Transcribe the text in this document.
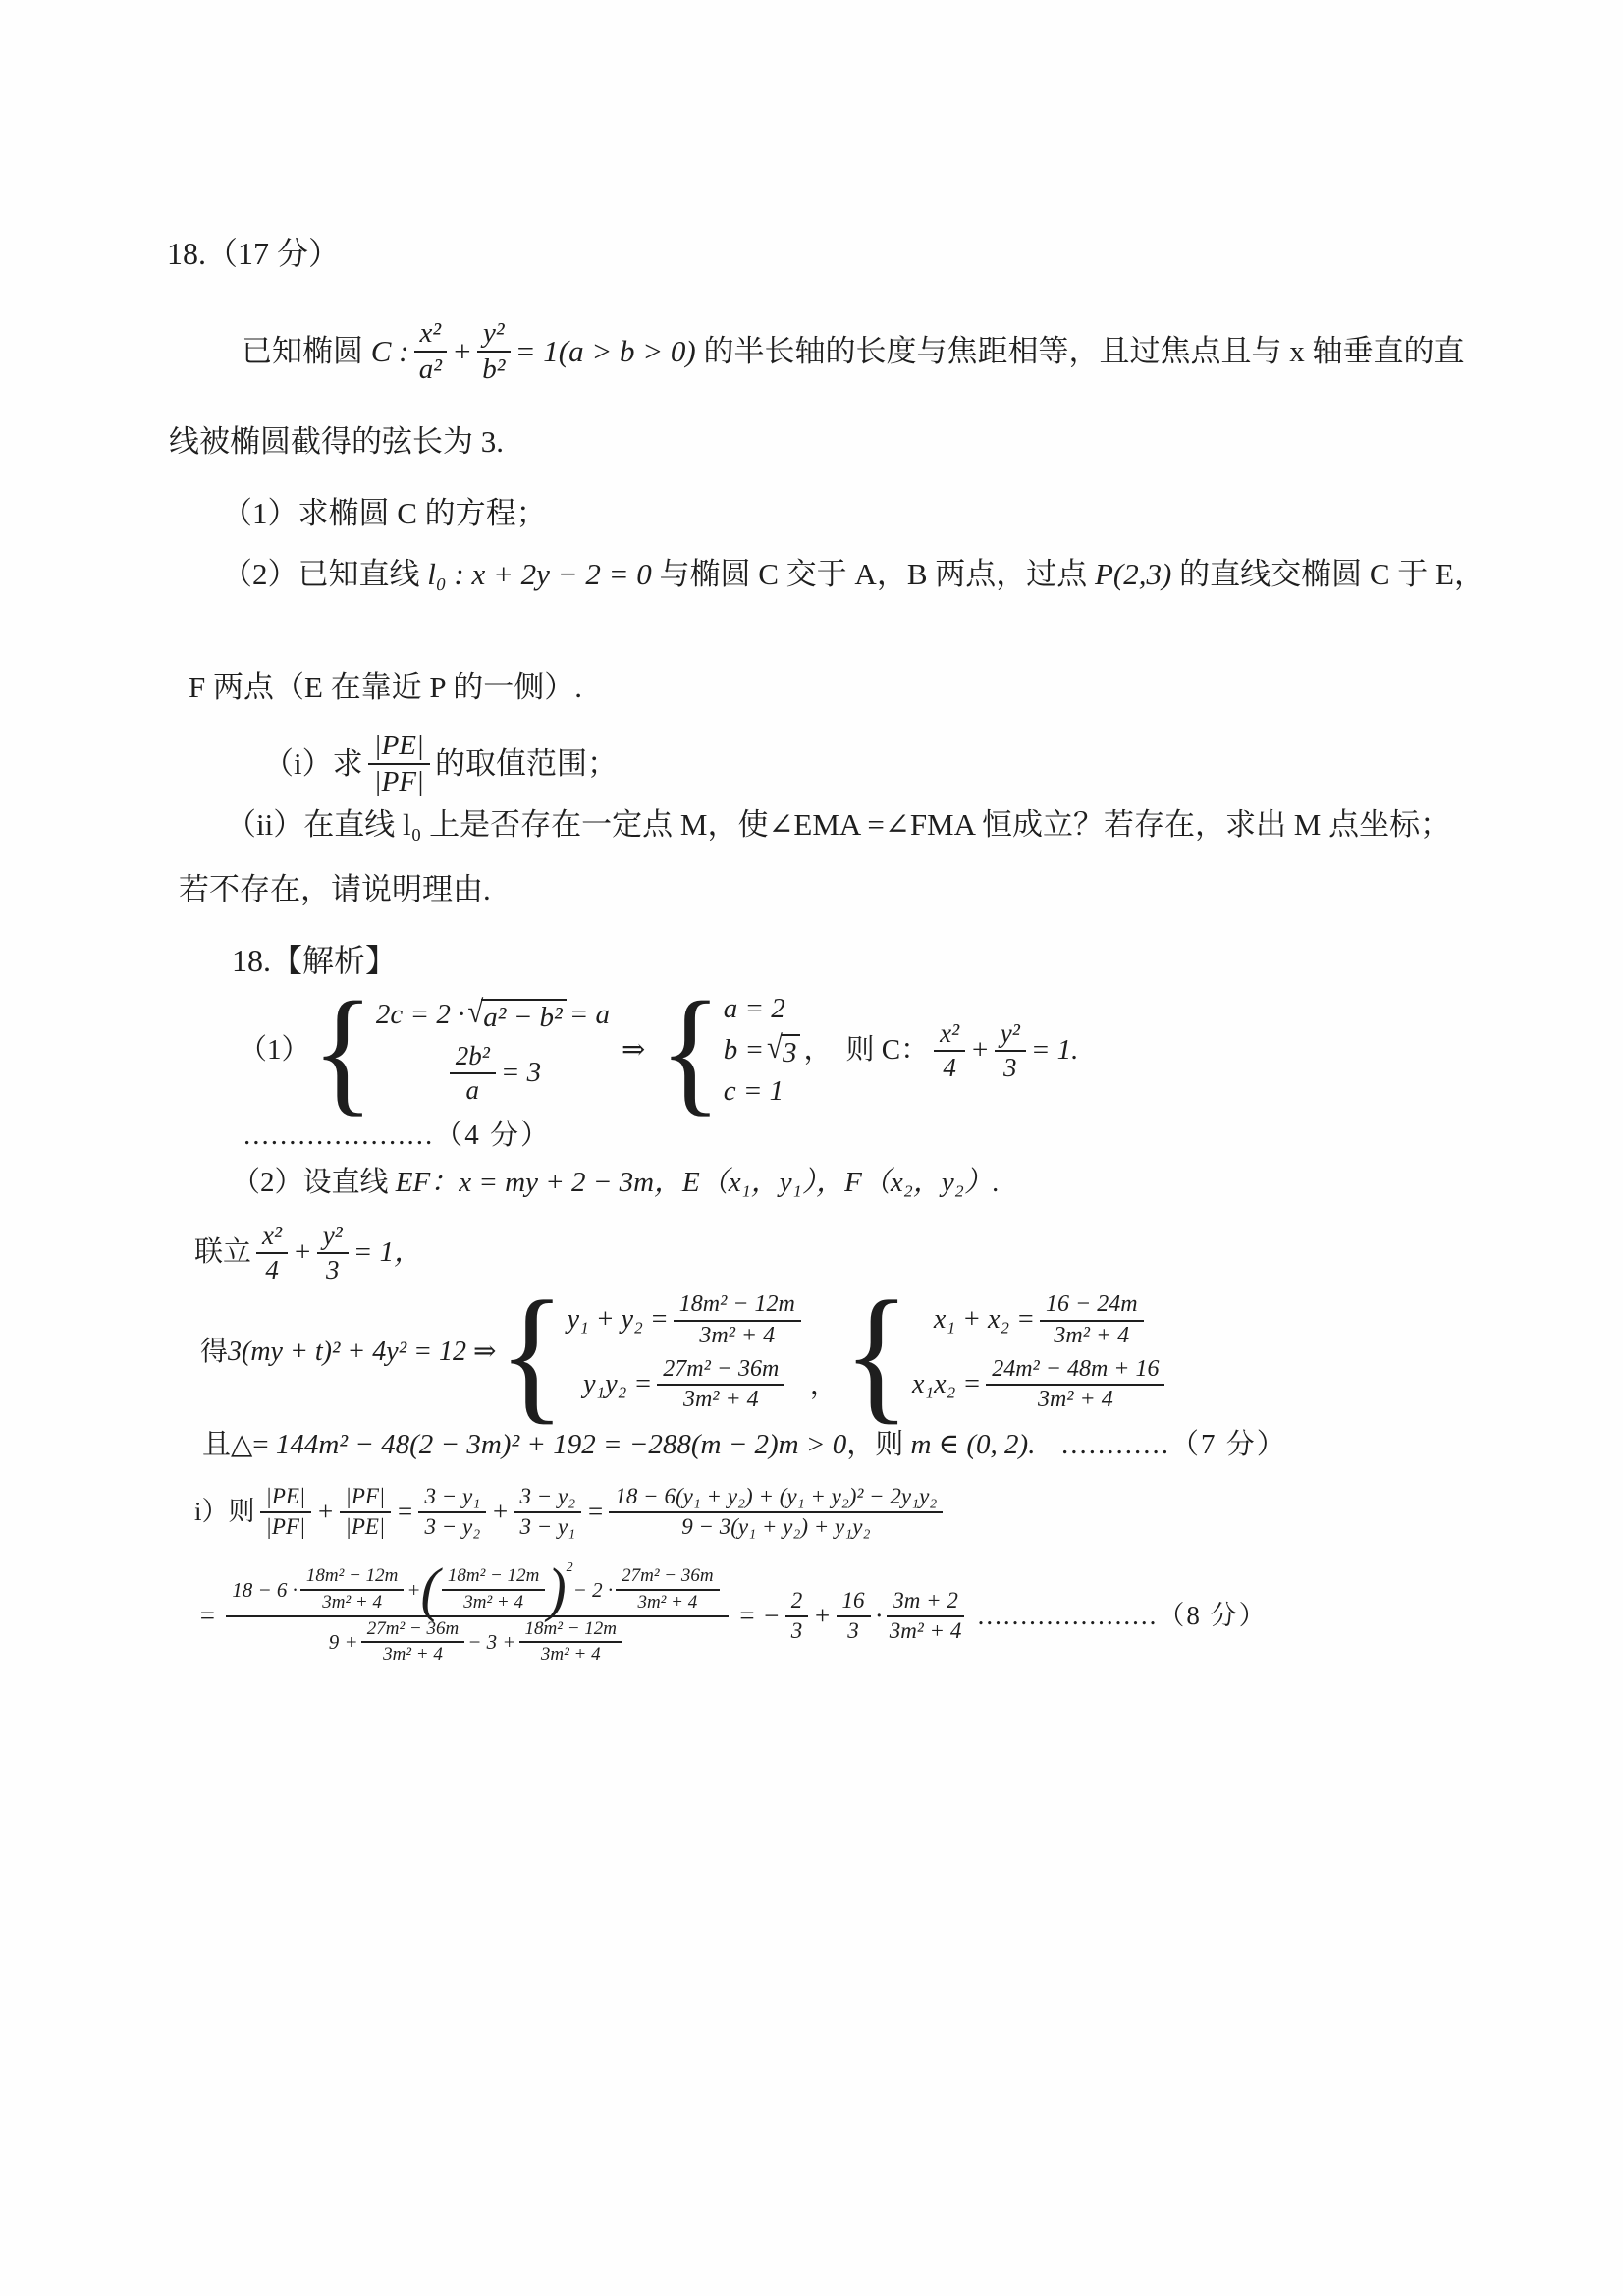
18.（17 分）
已知椭圆 C : $\frac{\text{x²}}{\text{a²}} + \frac{\text{y²}}{\text{b²}} = 1(a > b > 0)$ 的半长轴的长度与焦距相等，且过焦点且与 x 轴垂直的直
线被椭圆截得的弦长为 3.
（1）求椭圆 C 的方程；
（2）已知直线 l₀ : x + 2y − 2 = 0 与椭圆 C 交于 A，B 两点，过点 P(2,3) 的直线交椭圆 C 于 E，
F 两点（E 在靠近 P 的一侧）.
（i）求 $\frac{|PE|}{|PF|}$ 的取值范围；
（ii）在直线 l₀ 上是否存在一定点 M，使∠EMA =∠FMA 恒成立？若存在，求出 M 点坐标；
若不存在，请说明理由.
18.【解析】
（1） { 2c = 2 · √ a² − b² = a
$\frac{\text{2b²}}{a} = 3$
⇒ { a = 2
b = √ 3 ，
c = 1
则 C： $\frac{\text{x²}}{4} + \frac{\text{y²}}{3} = 1$.
.....................（4 分）
（2）设直线 EF：x = my + 2 − 3m，E（x₁，y₁），F（x₂，y₂）.
联立 $\frac{\text{x²}}{4} + \frac{\text{y²}}{3} = 1$，
得 3(my + t)² + 4y² = 12 ⇒ { $y_1 + y_2 = \frac{\text{18m² − 12m}}{\text{3m² + 4}}$
$y_1y_2 = \frac{\text{27m² − 36m}}{\text{3m² + 4}}$ ， { $x_1 + x_2 = \frac{16 - 24m}{\text{3m² + 4}}$
$x_1x_2 = \frac{\text{24m² − 48m + 16}}{\text{3m² + 4}}$
且△= 144m² − 48(2 − 3m)² + 192 = −288(m − 2)m > 0 ，则 m ∈ (0, 2). ............（7 分）
i）则 $\frac{|PE|}{|PF|} + \frac{|PF|}{|PE|} = \frac{\text{3 − y₁}}{\text{3 − y₂}} + \frac{\text{3 − y₂}}{\text{3 − y₁}} = \frac{\text{18 − 6(y₁ + y₂) + (y₁ + y₂)² − 2y₁y₂}}{\text{9 − 3(y₁ + y₂) + y₁y₂}}$
=
$18 - 6 \cdot \frac{\text{18m² − 12m}}{\text{3m² + 4}}$ + ( $\frac{\text{18m² − 12m}}{\text{3m² + 4}}$ ) 2
− $2 \cdot \frac{\text{27m² − 36m}}{\text{3m² + 4}}$
$9 + \frac{\text{27m² − 36m}}{\text{3m² + 4}} - 3 + \frac{\text{18m² − 12m}}{\text{3m² + 4}}$
= − $\frac{2}{3} + \frac{16}{3} \cdot \frac{3m + 2}{\text{3m² + 4}} .....................(8$ 分）
